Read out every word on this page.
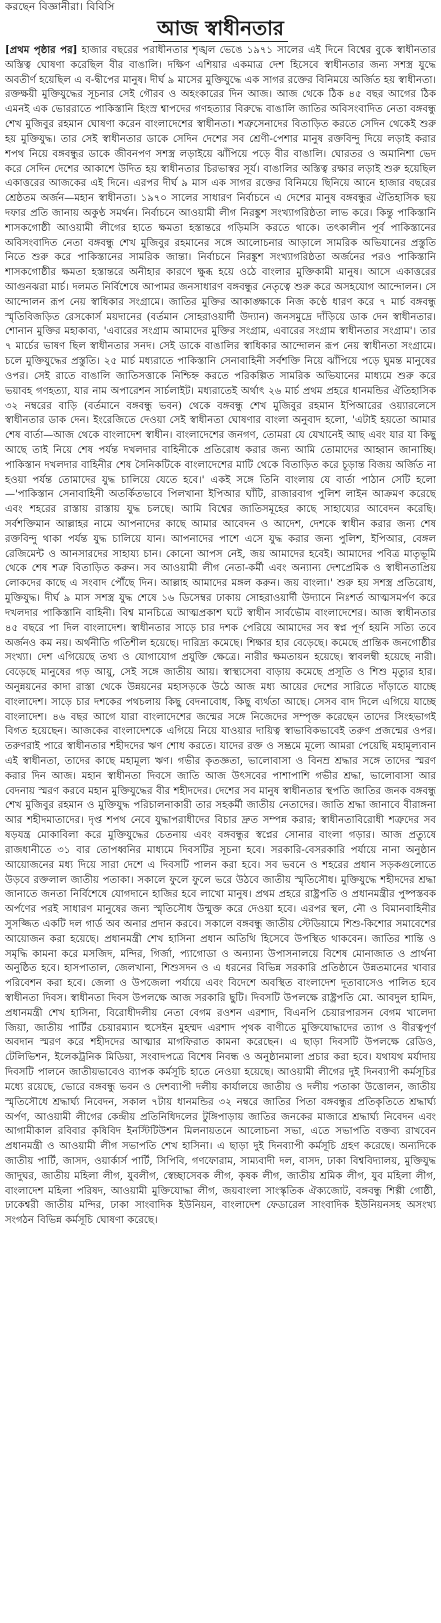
করছেন বিজ্ঞানীরা। বিবিসি
আজ স্বাধীনতার

[প্রথম পৃষ্ঠার পর] হাজার বছরের পরাধীনতার শৃঙ্খল ভেঙে ১৯৭১ সালের এই দিনে বিশ্বের বুকে স্বাধীনতার অস্তিত্ব ঘোষণা করেছিল বীর বাঙালি। দক্ষিণ এশিয়ার একমাত্র দেশ হিসেবে স্বাধীনতার জন্য সশস্ত্র যুদ্ধে অবতীর্ণ হয়েছিল এ ব-দ্বীপের মানুষ। দীর্ঘ ৯ মাসের মুক্তিযুদ্ধে এক সাগর রক্তের বিনিময়ে অর্জিত হয় স্বাধীনতা। রক্তক্ষয়ী মুক্তিযুদ্ধের সূচনার সেই গৌরব ও অহংকারের দিন আজ। আজ থেকে ঠিক ৪৫ বছর আগের ঠিক এমনই এক ভোররাতে পাকিস্তানি হিংস্র শ্বাপদের গণহত্যার বিরুদ্ধে বাঙালি জাতির অবিসংবাদিত নেতা বঙ্গবন্ধু শেখ মুজিবুর রহমান ঘোষণা করেন বাংলাদেশের স্বাধীনতা। শত্রুসেনাদের বিতাড়িত করতে সেদিন থেকেই শুরু হয় মুক্তিযুদ্ধ। তার সেই স্বাধীনতার ডাকে সেদিন দেশের সব শ্রেণী-পেশার মানুষ রক্তবিন্দু দিয়ে লড়াই করার শপথ নিয়ে বঙ্গবন্ধুর ডাকে জীবনপণ সশস্ত্র লড়াইয়ে ঝাঁপিয়ে পড়ে বীর বাঙালি। ঘোরতর ও অমানিশা ভেদ করে সেদিন দেশের আকাশে উদিত হয় স্বাধীনতার চিরভাস্বর সূর্য। বাঙালির অস্তিত্ব রক্ষার লড়াই শুরু হয়েছিল একাত্তরের আজকের এই দিনে। এরপর দীর্ঘ ৯ মাস এক সাগর রক্তের বিনিময়ে ছিনিয়ে আনে হাজার বছরের শ্রেষ্ঠতম অর্জন—মহান স্বাধীনতা। ১৯৭০ সালের সাধারণ নির্বাচনে এ দেশের মানুষ বঙ্গবন্ধুর ঐতিহাসিক ছয় দফার প্রতি জানায় অকুণ্ঠ সমর্থন। নির্বাচনে আওয়ামী লীগ নিরঙ্কুশ সংখ্যাগরিষ্ঠতা লাভ করে। কিন্তু পাকিস্তানি শাসকগোষ্ঠী আওয়ামী লীগের হাতে ক্ষমতা হস্তান্তরে গড়িমসি করতে থাকে। তৎকালীন পূর্ব পাকিস্তানের অবিসংবাদিত নেতা বঙ্গবন্ধু শেখ মুজিবুর রহমানের সঙ্গে আলোচনার আড়ালে সামরিক অভিযানের প্রস্তুতি নিতে শুরু করে পাকিস্তানের সামরিক জান্তা। নির্বাচনে নিরঙ্কুশ সংখ্যাগরিষ্ঠতা অর্জনের পরও পাকিস্তানি শাসকগোষ্ঠীর ক্ষমতা হস্তান্তরে অনীহার কারণে ক্ষুব্ধ হয়ে ওঠে বাংলার মুক্তিকামী মানুষ। আসে একাত্তরের আগুনঝরা মার্চ। দলমত নির্বিশেষে আপামর জনসাধারণ বঙ্গবন্ধুর নেতৃত্বে শুরু করে অসহযোগ আন্দোলন। সে আন্দোলন রূপ নেয় স্বাধিকার সংগ্রামে। জাতির মুক্তির আকাঙ্ক্ষাকে নিজ কণ্ঠে ধারণ করে ৭ মার্চ বঙ্গবন্ধু স্মৃতিবিজড়িত রেসকোর্স ময়দানের (বর্তমান সোহরাওয়ার্দী উদ্যান) জনসমুদ্রে দাঁড়িয়ে ডাক দেন স্বাধীনতার। শোনান মুক্তির মহাকাব্য, 'এবারের সংগ্রাম আমাদের মুক্তির সংগ্রাম, এবারের সংগ্রাম স্বাধীনতার সংগ্রাম'। তার ৭ মার্চের ভাষণ ছিল স্বাধীনতার সনদ। সেই ডাকে বাঙালির স্বাধিকার আন্দোলন রূপ নেয় স্বাধীনতা সংগ্রামে। চলে মুক্তিযুদ্ধের প্রস্তুতি। ২৫ মার্চ মধ্যরাতে পাকিস্তানি সেনাবাহিনী সর্বশক্তি নিয়ে ঝাঁপিয়ে পড়ে ঘুমন্ত মানুষের ওপর। সেই রাতে বাঙালি জাতিসত্তাকে নিশ্চিহ্ন করতে পরিকল্পিত সামরিক অভিযানের মাধ্যমে শুরু করে ভয়াবহ গণহত্যা, যার নাম অপারেশন সার্চলাইট। মধ্যরাতেই অর্থাৎ ২৬ মার্চ প্রথম প্রহরে ধানমন্ডির ঐতিহাসিক ৩২ নম্বরের বাড়ি (বর্তমানে বঙ্গবন্ধু ভবন) থেকে বঙ্গবন্ধু শেখ মুজিবুর রহমান ইপিআরের ওয়্যারলেসে স্বাধীনতার ডাক দেন। ইংরেজিতে দেওয়া সেই স্বাধীনতা ঘোষণার বাংলা অনুবাদ হলো, 'এটাই হয়তো আমার শেষ বার্তা—আজ থেকে বাংলাদেশ স্বাধীন। বাংলাদেশের জনগণ, তোমরা যে যেখানেই আছ এবং যার যা কিছু আছে তাই নিয়ে শেষ পর্যন্ত দখলদার বাহিনীকে প্রতিরোধ করার জন্য আমি তোমাদের আহ্বান জানাচ্ছি। পাকিস্তান দখলদার বাহিনীর শেষ সৈনিকটিকে বাংলাদেশের মাটি থেকে বিতাড়িত করে চূড়ান্ত বিজয় অর্জিত না হওয়া পর্যন্ত তোমাদের যুদ্ধ চালিয়ে যেতে হবে।' একই সঙ্গে তিনি বাংলায় যে বার্তা পাঠান সেটি হলো—'পাকিস্তান সেনাবাহিনী অতর্কিতভাবে পিলখানা ইপিআর ঘাঁটি, রাজারবাগ পুলিশ লাইন আক্রমণ করেছে এবং শহরের রাস্তায় রাস্তায় যুদ্ধ চলছে। আমি বিশ্বের জাতিসমূহের কাছে সাহায্যের আবেদন করেছি। সর্বশক্তিমান আল্লাহর নামে আপনাদের কাছে আমার আবেদন ও আদেশ, দেশকে স্বাধীন করার জন্য শেষ রক্তবিন্দু থাকা পর্যন্ত যুদ্ধ চালিয়ে যান। আপনাদের পাশে এসে যুদ্ধ করার জন্য পুলিশ, ইপিআর, বেঙ্গল রেজিমেন্ট ও আনসারদের সাহায্য চান। কোনো আপস নেই, জয় আমাদের হবেই। আমাদের পবিত্র মাতৃভূমি থেকে শেষ শত্রু বিতাড়িত করুন। সব আওয়ামী লীগ নেতা-কর্মী এবং অন্যান্য দেশপ্রেমিক ও স্বাধীনতাপ্রিয় লোকদের কাছে এ সংবাদ পৌঁছে দিন। আল্লাহ আমাদের মঙ্গল করুন। জয় বাংলা।' শুরু হয় সশস্ত্র প্রতিরোধ, মুক্তিযুদ্ধ। দীর্ঘ ৯ মাস সশস্ত্র যুদ্ধ শেষে ১৬ ডিসেম্বর ঢাকায় সোহরাওয়ার্দী উদ্যানে নিঃশর্ত আত্মসমর্পণ করে দখলদার পাকিস্তানি বাহিনী। বিশ্ব মানচিত্রে আত্মপ্রকাশ ঘটে স্বাধীন সার্বভৌম বাংলাদেশের। আজ স্বাধীনতার ৪৫ বছরে পা দিল বাংলাদেশ। স্বাধীনতার সাড়ে চার দশক পেরিয়ে আমাদের সব স্বপ্ন পূর্ণ হয়নি সত্যি তবে অর্জনও কম নয়। অর্থনীতি গতিশীল হয়েছে। দারিদ্র্য কমেছে। শিক্ষার হার বেড়েছে। কমেছে প্রান্তিক জনগোষ্ঠীর সংখ্যা। দেশ এগিয়েছে তথ্য ও যোগাযোগ প্রযুক্তি ক্ষেত্রে। নারীর ক্ষমতায়ন হয়েছে। স্বাবলম্বী হয়েছে নারী। বেড়েছে মানুষের গড় আয়ু, সেই সঙ্গে জাতীয় আয়। স্বাস্থ্যসেবা বাড়ায় কমেছে প্রসূতি ও শিশু মৃত্যুর হার। অনুন্নয়নের কাদা রাস্তা থেকে উন্নয়নের মহাসড়কে উঠে আজ মধ্য আয়ের দেশের সারিতে দাঁড়াতে যাচ্ছে বাংলাদেশ। সাড়ে চার দশকের পথচলায় কিছু বেদনাবোধ, কিছু ব্যর্থতা আছে। সেসব বাদ দিলে এগিয়ে যাচ্ছে বাংলাদেশ। ৪৬ বছর আগে যারা বাংলাদেশের জন্মের সঙ্গে নিজেদের সম্পৃক্ত করেছেন তাদের সিংহভাগই বিগত হয়েছেন। আজকের বাংলাদেশকে এগিয়ে নিয়ে যাওয়ার দায়িত্ব স্বাভাবিকভাবেই তরুণ প্রজন্মের ওপর। তরুণরাই পারে স্বাধীনতার শহীদদের ঋণ শোধ করতে। যাদের রক্ত ও সম্ভ্রমে মূল্যে আমরা পেয়েছি মহামূল্যবান এই স্বাধীনতা, তাদের কাছে মহামূল্য ঋণ। গভীর কৃতজ্ঞতা, ভালোবাসা ও বিনম্র শ্রদ্ধার সঙ্গে তাদের স্মরণ করার দিন আজ। মহান স্বাধীনতা দিবসে জাতি আজ উৎসবের পাশাপাশি গভীর শ্রদ্ধা, ভালোবাসা আর বেদনায় স্মরণ করবে মহান মুক্তিযুদ্ধের বীর শহীদদের। দেশের সব মানুষ স্বাধীনতার স্থপতি জাতির জনক বঙ্গবন্ধু শেখ মুজিবুর রহমান ও মুক্তিযুদ্ধ পরিচালনাকারী তার সহকর্মী জাতীয় নেতাদের। জাতি শ্রদ্ধা জানাবে বীরাঙ্গনা আর শহীদমাতাদের। দৃপ্ত শপথ নেবে যুদ্ধাপরাধীদের বিচার দ্রুত সম্পন্ন করার; স্বাধীনতাবিরোধী শত্রুদের সব ষড়যন্ত্র মোকাবিলা করে মুক্তিযুদ্ধের চেতনায় এবং বঙ্গবন্ধুর স্বপ্নের সোনার বাংলা গড়ার। আজ প্রত্যুষে রাজধানীতে ৩১ বার তোপধ্বনির মাধ্যমে দিবসটির সূচনা হবে। সরকারি-বেসরকারি পর্যায়ে নানা অনুষ্ঠান আয়োজনের মধ্য দিয়ে সারা দেশে এ দিবসটি পালন করা হবে। সব ভবনে ও শহরের প্রধান সড়কগুলোতে উড়বে রক্তলাল জাতীয় পতাকা। সকালে ফুলে ফুলে ভরে উঠবে জাতীয় স্মৃতিসৌধ। মুক্তিযুদ্ধে শহীদদের শ্রদ্ধা জানাতে জনতা নির্বিশেষে যোগদানে হাজির হবে লাখো মানুষ। প্রথম প্রহরে রাষ্ট্রপতি ও প্রধানমন্ত্রীর পুষ্পস্তবক অর্পণের পরই সাধারণ মানুষের জন্য স্মৃতিসৌধ উন্মুক্ত করে দেওয়া হবে। এরপর স্থল, নৌ ও বিমানবাহিনীর সুসজ্জিত একটি দল গার্ড অব অনার প্রদান করবে। সকালে বঙ্গবন্ধু জাতীয় স্টেডিয়ামে শিশু-কিশোর সমাবেশের আয়োজন করা হয়েছে। প্রধানমন্ত্রী শেখ হাসিনা প্রধান অতিথি হিসেবে উপস্থিত থাকবেন। জাতির শান্তি ও সমৃদ্ধি কামনা করে মসজিদ, মন্দির, গির্জা, প্যাগোডা ও অন্যান্য উপাসনালয়ে বিশেষ মোনাজাত ও প্রার্থনা অনুষ্ঠিত হবে। হাসপাতাল, জেলখানা, শিশুসদন ও এ ধরনের বিভিন্ন সরকারি প্রতিষ্ঠানে উন্নতমানের খাবার পরিবেশন করা হবে। জেলা ও উপজেলা পর্যায়ে এবং বিদেশে অবস্থিত বাংলাদেশ দূতাবাসেও পালিত হবে স্বাধীনতা দিবস। স্বাধীনতা দিবস উপলক্ষে আজ সরকারি ছুটি। দিবসটি উপলক্ষে রাষ্ট্রপতি মো. আবদুল হামিদ, প্রধানমন্ত্রী শেখ হাসিনা, বিরোধীদলীয় নেতা বেগম রওশন এরশাদ, বিএনপি চেয়ারপারসন বেগম খালেদা জিয়া, জাতীয় পার্টির চেয়ারম্যান হুসেইন মুহম্মদ এরশাদ পৃথক বাণীতে মুক্তিযোদ্ধাদের ত্যাগ ও বীরত্বপূর্ণ অবদান স্মরণ করে শহীদদের আত্মার মাগফিরাত কামনা করেছেন। এ ছাড়া দিবসটি উপলক্ষে রেডিও, টেলিভিশন, ইলেকট্রনিক মিডিয়া, সংবাদপত্রে বিশেষ নিবন্ধ ও অনুষ্ঠানমালা প্রচার করা হবে। যথাযথ মর্যাদায় দিবসটি পালনে জাতীয়ভাবেও ব্যাপক কর্মসূচি হাতে নেওয়া হয়েছে। আওয়ামী লীগের দুই দিনব্যাপী কর্মসূচির মধ্যে রয়েছে, ভোরে বঙ্গবন্ধু ভবন ও দেশব্যাপী দলীয় কার্যালয়ে জাতীয় ও দলীয় পতাকা উত্তোলন, জাতীয় স্মৃতিসৌধে শ্রদ্ধার্ঘ্য নিবেদন, সকাল ৭টায় ধানমন্ডির ৩২ নম্বরে জাতির পিতা বঙ্গবন্ধুর প্রতিকৃতিতে শ্রদ্ধার্ঘ্য অর্পণ, আওয়ামী লীগের কেন্দ্রীয় প্রতিনিধিদলের টুঙ্গিপাড়ায় জাতির জনকের মাজারে শ্রদ্ধার্ঘ্য নিবেদন এবং আগামীকাল রবিবার কৃষিবিদ ইনস্টিটিউশন মিলনায়তনে আলোচনা সভা, এতে সভাপতি বক্তব্য রাখবেন প্রধানমন্ত্রী ও আওয়ামী লীগ সভাপতি শেখ হাসিনা। এ ছাড়া দুই দিনব্যাপী কর্মসূচি গ্রহণ করেছে। অন্যদিকে জাতীয় পার্টি, জাসদ, ওয়ার্কার্স পার্টি, সিপিবি, গণফোরাম, সাম্যবাদী দল, বাসদ, ঢাকা বিশ্ববিদ্যালয়, মুক্তিযুদ্ধ জাদুঘর, জাতীয় মহিলা লীগ, যুবলীগ, স্বেচ্ছাসেবক লীগ, কৃষক লীগ, জাতীয় শ্রমিক লীগ, যুব মহিলা লীগ, বাংলাদেশ মহিলা পরিষদ, আওয়ামী মুক্তিযোদ্ধা লীগ, জয়বাংলা সাংস্কৃতিক ঐক্যজোট, বঙ্গবন্ধু শিল্পী গোষ্ঠী, ঢাকেশ্বরী জাতীয় মন্দির, ঢাকা সাংবাদিক ইউনিয়ন, বাংলাদেশ ফেডারেল সাংবাদিক ইউনিয়নসহ অসংখ্য সংগঠন বিভিন্ন কর্মসূচি ঘোষণা করেছে।
